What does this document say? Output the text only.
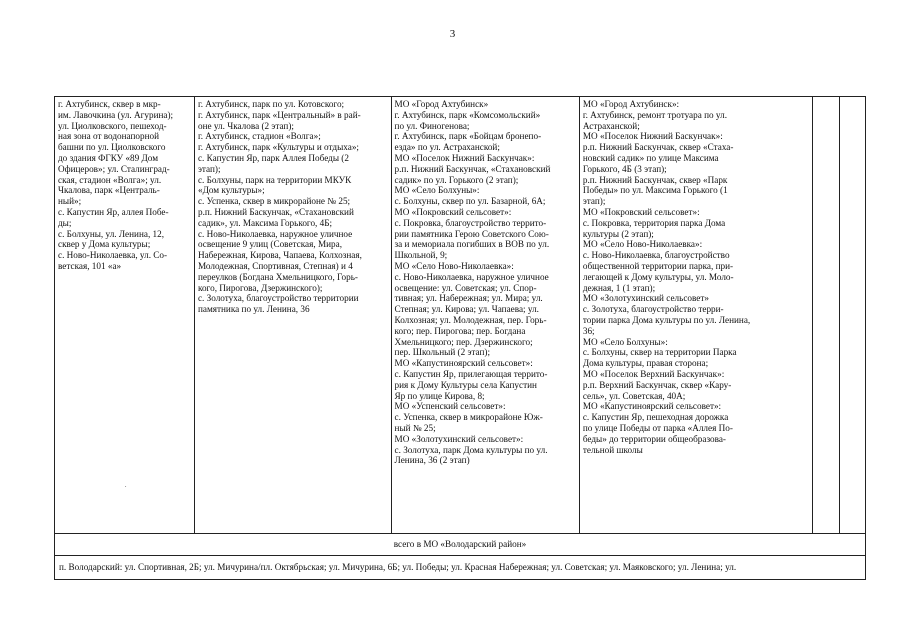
3
г. Ахтубинск, сквер в мкр-
им. Лавочкина (ул. Агурина);
ул. Циолковского, пешеход-
ная зона от водонапорной
башни по ул. Циолковского
до здания ФГКУ «89 Дом
Офицеров»; ул. Сталинград-
ская, стадион «Волга»; ул.
Чкалова, парк «Централь-
ный»;
с. Капустин Яр, аллея Побе-
ды;
с. Болхуны, ул. Ленина, 12,
сквер у Дома культуры;
с. Ново-Николаевка, ул. Со-
ветская, 101 «а»
·

г. Ахтубинск, парк по ул. Котовского;
г. Ахтубинск, парк «Центральный» в рай-
оне ул. Чкалова (2 этап);
г. Ахтубинск, стадион «Волга»;
г. Ахтубинск, парк «Культуры и отдыха»;
с. Капустин Яр, парк Аллея Победы (2
этап);
с. Болхуны, парк на территории МКУК
«Дом культуры»;
с. Успенка, сквер в микрорайоне № 25;
р.п. Нижний Баскунчак, «Стахановский
садик», ул. Максима Горького, 4Б;
с. Ново-Николаевка, наружное уличное
освещение 9 улиц (Советская, Мира,
Набережная, Кирова, Чапаева, Колхозная,
Молодежная, Спортивная, Степная) и 4
переулков (Богдана Хмельницкого, Горь-
кого, Пирогова, Дзержинского);
с. Золотуха, благоустройство территории
памятника по ул. Ленина, 36

МО «Город Ахтубинск»
г. Ахтубинск, парк «Комсомольский»
по ул. Финогенова;
г. Ахтубинск, парк «Бойцам бронепо-
езда» по ул. Астраханской;
МО «Поселок Нижний Баскунчак»:
р.п. Нижний Баскунчак, «Стахановский
садик» по ул. Горького (2 этап);
МО «Село Болхуны»:
с. Болхуны, сквер по ул. Базарной, 6А;
МО «Покровский сельсовет»:
с. Покровка, благоустройство террито-
рии памятника Герою Советского Сою-
за и мемориала погибших в ВОВ по ул.
Школьной, 9;
МО «Село Ново-Николаевка»:
с. Ново-Николаевка, наружное уличное
освещение: ул. Советская; ул. Спор-
тивная; ул. Набережная; ул. Мира; ул.
Степная; ул. Кирова; ул. Чапаева; ул.
Колхозная; ул. Молодежная, пер. Горь-
кого; пер. Пирогова; пер. Богдана
Хмельницкого; пер. Дзержинского;
пер. Школьный (2 этап);
МО «Капустиноярский сельсовет»:
с. Капустин Яр, прилегающая террито-
рия к Дому Культуры села Капустин
Яр по улице Кирова, 8;
МО «Успенский сельсовет»:
с. Успенка, сквер в микрорайоне Юж-
ный № 25;
МО «Золотухинский сельсовет»:
с. Золотуха, парк Дома культуры по ул.
Ленина, 36 (2 этап)

МО «Город Ахтубинск»:
г. Ахтубинск, ремонт тротуара по ул.
Астраханской;
МО «Поселок Нижний Баскунчак»:
р.п. Нижний Баскунчак, сквер «Стаха-
новский садик» по улице Максима
Горького, 4Б (3 этап);
р.п. Нижний Баскунчак, сквер «Парк
Победы» по ул. Максима Горького (1
этап);
МО «Покровский сельсовет»:
с. Покровка, территория парка Дома
культуры (2 этап);
МО «Село Ново-Николаевка»:
с. Ново-Николаевка, благоустройство
общественной территории парка, при-
легающей к Дому культуры, ул. Моло-
дежная, 1 (1 этап);
МО «Золотухинский сельсовет»
с. Золотуха, благоустройство терри-
тории парка Дома культуры по ул. Ленина,
36;
МО «Село Болхуны»:
с. Болхуны, сквер на территории Парка
Дома культуры, правая сторона;
МО «Поселок Верхний Баскунчак»:
р.п. Верхний Баскунчак, сквер «Кару-
сель», ул. Советская, 40А;
МО «Капустиноярский сельсовет»:
с. Капустин Яр, пешеходная дорожка
по улице Победы от парка «Аллея По-
беды» до территории общеобразова-
тельной школы

всего в МО «Володарский район»
п. Володарский: ул. Спортивная, 2Б; ул. Мичурина/пл. Октябрьская; ул. Мичурина, 6Б; ул. Победы; ул. Красная Набережная; ул. Советская; ул. Маяковского; ул. Ленина; ул.
